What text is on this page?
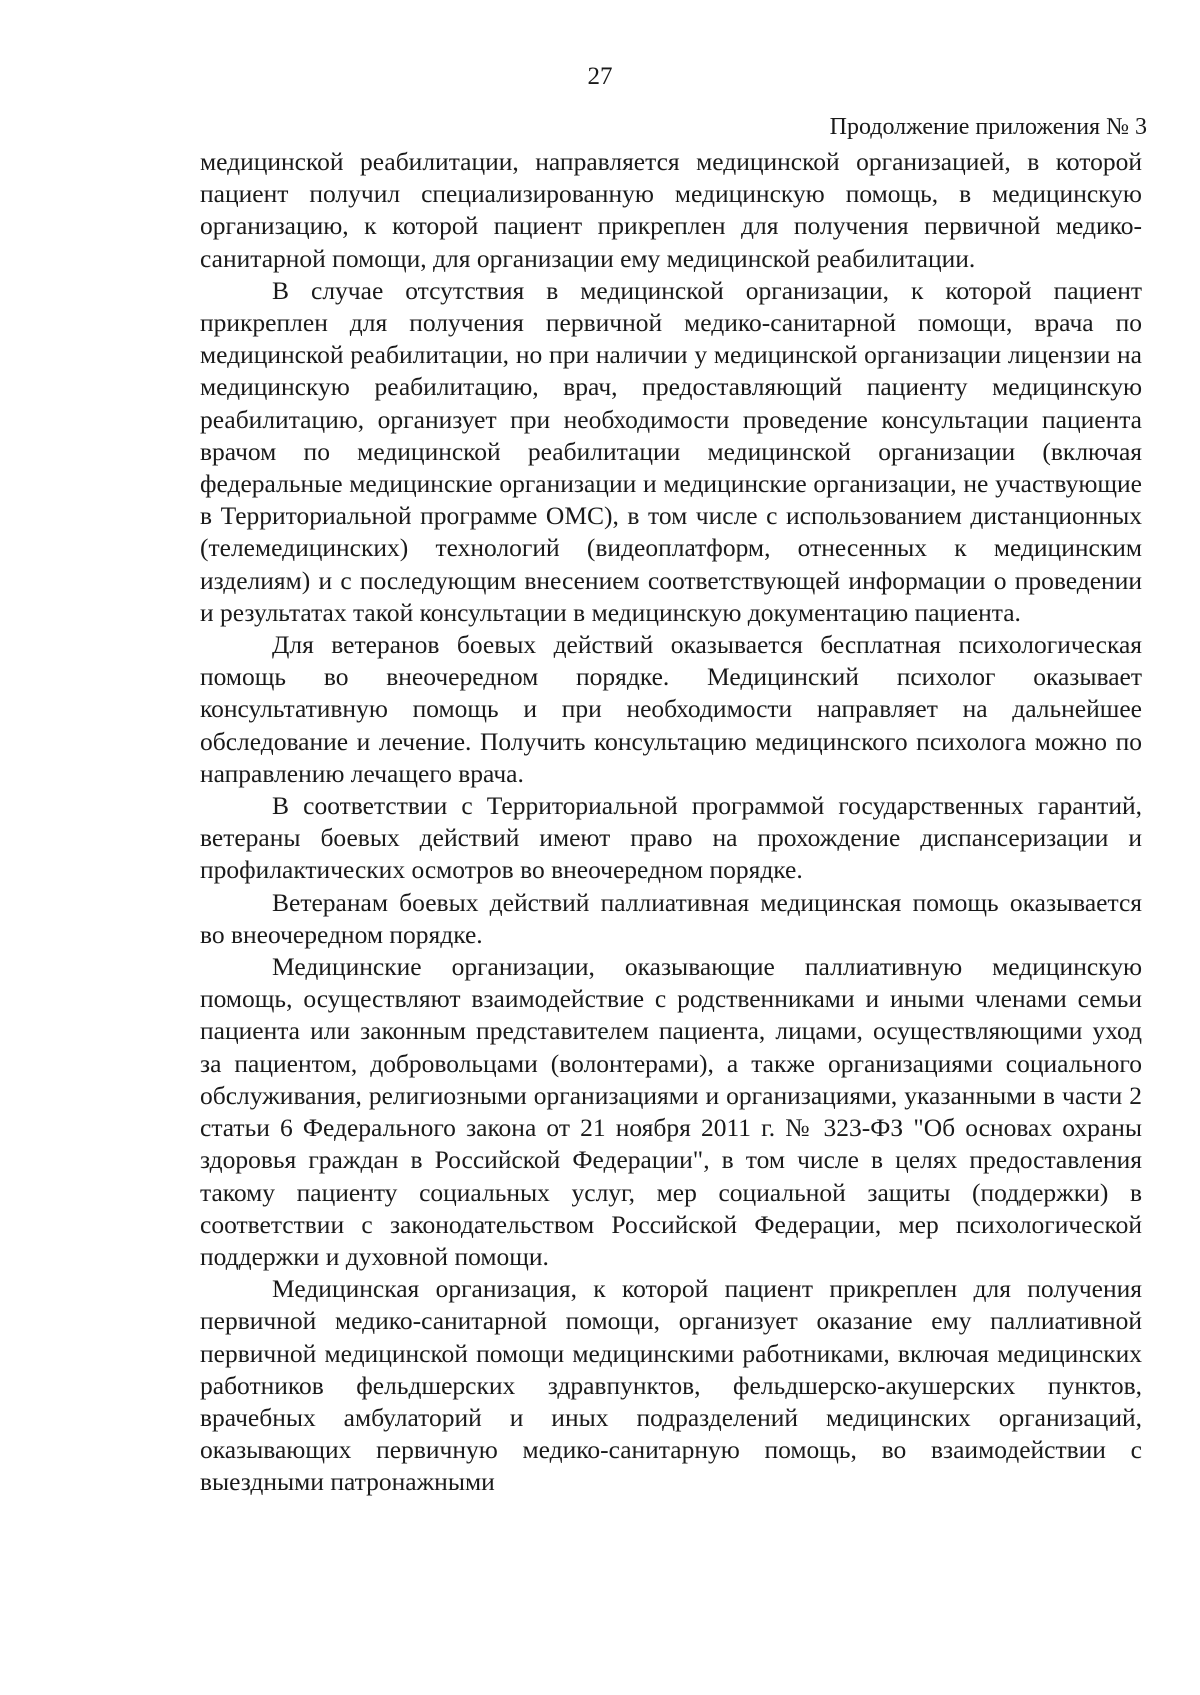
27
Продолжение приложения № 3

медицинской реабилитации, направляется медицинской организацией, в которой пациент получил специализированную медицинскую помощь, в медицинскую организацию, к которой пациент прикреплен для получения первичной медико-санитарной помощи, для организации ему медицинской реабилитации.

В случае отсутствия в медицинской организации, к которой пациент прикреплен для получения первичной медико-санитарной помощи, врача по медицинской реабилитации, но при наличии у медицинской организации лицензии на медицинскую реабилитацию, врач, предоставляющий пациенту медицинскую реабилитацию, организует при необходимости проведение консультации пациента врачом по медицинской реабилитации медицинской организации (включая федеральные медицинские организации и медицинские организации, не участвующие в Территориальной программе ОМС), в том числе с использованием дистанционных (телемедицинских) технологий (видеоплатформ, отнесенных к медицинским изделиям) и с последующим внесением соответствующей информации о проведении и результатах такой консультации в медицинскую документацию пациента.

Для ветеранов боевых действий оказывается бесплатная психологическая помощь во внеочередном порядке. Медицинский психолог оказывает консультативную помощь и при необходимости направляет на дальнейшее обследование и лечение. Получить консультацию медицинского психолога можно по направлению лечащего врача.

В соответствии с Территориальной программой государственных гарантий, ветераны боевых действий имеют право на прохождение диспансеризации и профилактических осмотров во внеочередном порядке.

Ветеранам боевых действий паллиативная медицинская помощь оказывается во внеочередном порядке.

Медицинские организации, оказывающие паллиативную медицинскую помощь, осуществляют взаимодействие с родственниками и иными членами семьи пациента или законным представителем пациента, лицами, осуществляющими уход за пациентом, добровольцами (волонтерами), а также организациями социального обслуживания, религиозными организациями и организациями, указанными в части 2 статьи 6 Федерального закона от 21 ноября 2011 г. № 323-ФЗ "Об основах охраны здоровья граждан в Российской Федерации", в том числе в целях предоставления такому пациенту социальных услуг, мер социальной защиты (поддержки) в соответствии с законодательством Российской Федерации, мер психологической поддержки и духовной помощи.

Медицинская организация, к которой пациент прикреплен для получения первичной медико-санитарной помощи, организует оказание ему паллиативной первичной медицинской помощи медицинскими работниками, включая медицинских работников фельдшерских здравпунктов, фельдшерско-акушерских пунктов, врачебных амбулаторий и иных подразделений медицинских организаций, оказывающих первичную медико-санитарную помощь, во взаимодействии с выездными патронажными
